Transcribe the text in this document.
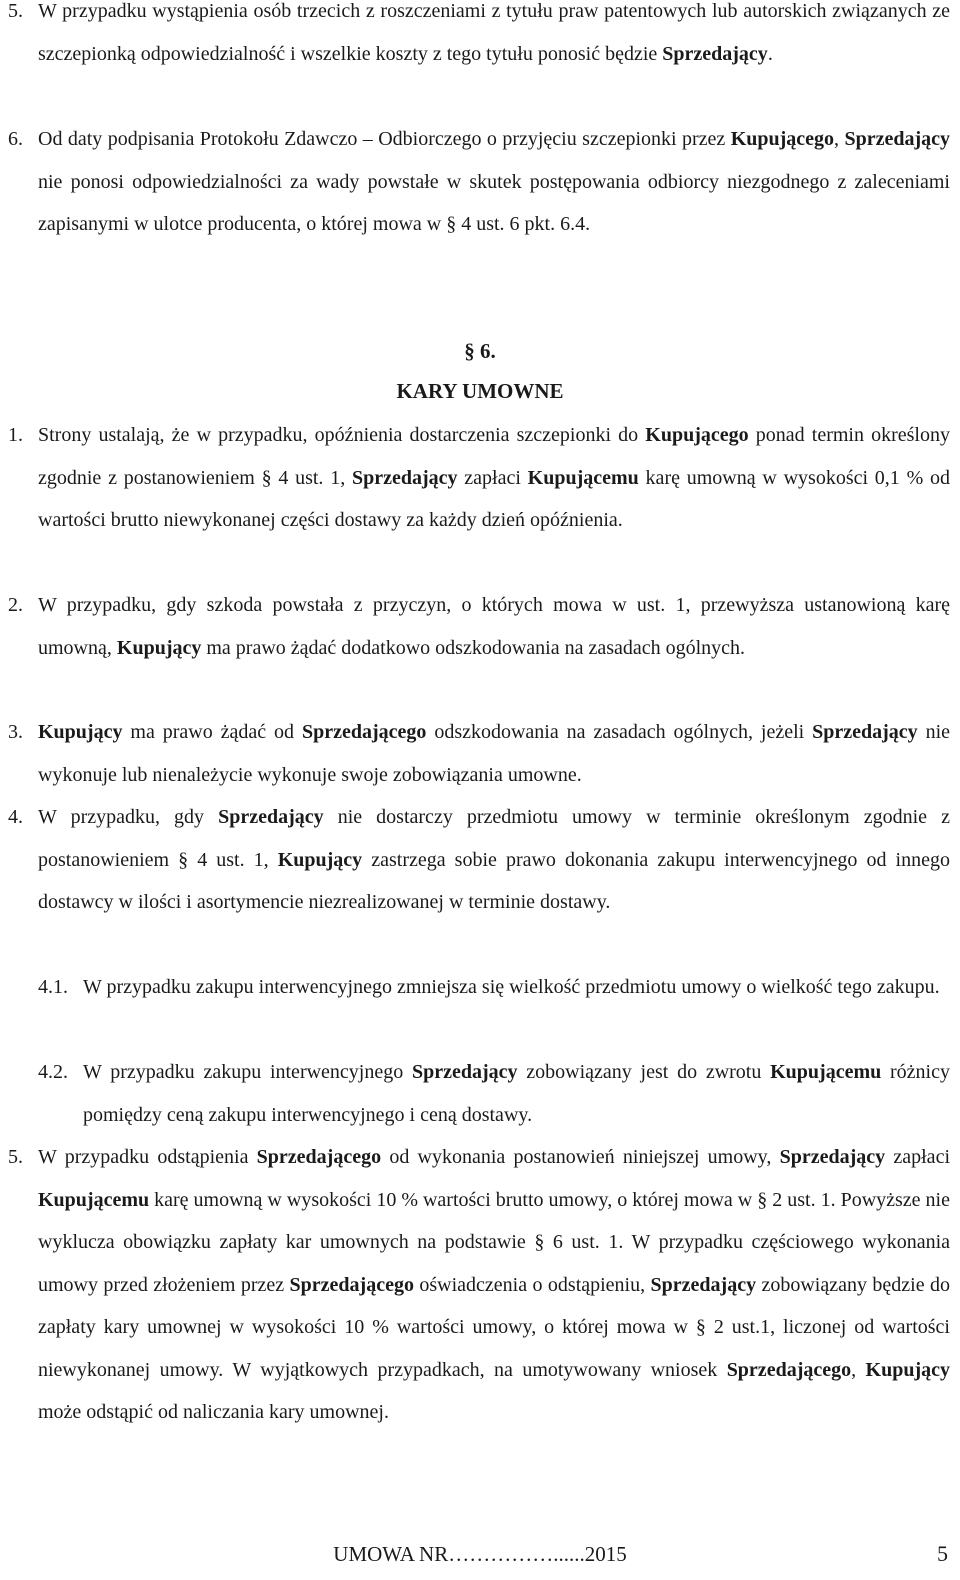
5. W przypadku wystąpienia osób trzecich z roszczeniami z tytułu praw patentowych lub autorskich związanych ze szczepionką odpowiedzialność i wszelkie koszty z tego tytułu ponosić będzie Sprzedający.
6. Od daty podpisania Protokołu Zdawczo – Odbiorczego o przyjęciu szczepionki przez Kupującego, Sprzedający nie ponosi odpowiedzialności za wady powstałe w skutek postępowania odbiorcy niezgodnego z zaleceniami zapisanymi w ulotce producenta, o której mowa w § 4 ust. 6 pkt. 6.4.
§ 6.
KARY UMOWNE
1. Strony ustalają, że w przypadku, opóźnienia dostarczenia szczepionki do Kupującego ponad termin określony zgodnie z postanowieniem § 4 ust. 1, Sprzedający zapłaci Kupującemu karę umowną w wysokości 0,1 % od wartości brutto niewykonanej części dostawy za każdy dzień opóźnienia.
2. W przypadku, gdy szkoda powstała z przyczyn, o których mowa w ust. 1, przewyższa ustanowioną karę umowną, Kupujący ma prawo żądać dodatkowo odszkodowania na zasadach ogólnych.
3. Kupujący ma prawo żądać od Sprzedającego odszkodowania na zasadach ogólnych, jeżeli Sprzedający nie wykonuje lub nienależycie wykonuje swoje zobowiązania umowne.
4. W przypadku, gdy Sprzedający nie dostarczy przedmiotu umowy w terminie określonym zgodnie z postanowieniem § 4 ust. 1, Kupujący zastrzega sobie prawo dokonania zakupu interwencyjnego od innego dostawcy w ilości i asortymencie niezrealizowanej w terminie dostawy.
4.1. W przypadku zakupu interwencyjnego zmniejsza się wielkość przedmiotu umowy o wielkość tego zakupu.
4.2. W przypadku zakupu interwencyjnego Sprzedający zobowiązany jest do zwrotu Kupującemu różnicy pomiędzy ceną zakupu interwencyjnego i ceną dostawy.
5. W przypadku odstąpienia Sprzedającego od wykonania postanowień niniejszej umowy, Sprzedający zapłaci Kupującemu karę umowną w wysokości 10 % wartości brutto umowy, o której mowa w § 2 ust. 1. Powyższe nie wyklucza obowiązku zapłaty kar umownych na podstawie § 6 ust. 1. W przypadku częściowego wykonania umowy przed złożeniem przez Sprzedającego oświadczenia o odstąpieniu, Sprzedający zobowiązany będzie do zapłaty kary umownej w wysokości 10 % wartości umowy, o której mowa w § 2 ust.1, liczonej od wartości niewykonanej umowy. W wyjątkowych przypadkach, na umotywowany wniosek Sprzedającego, Kupujący może odstąpić od naliczania kary umownej.
UMOWA NR……………......2015	5
